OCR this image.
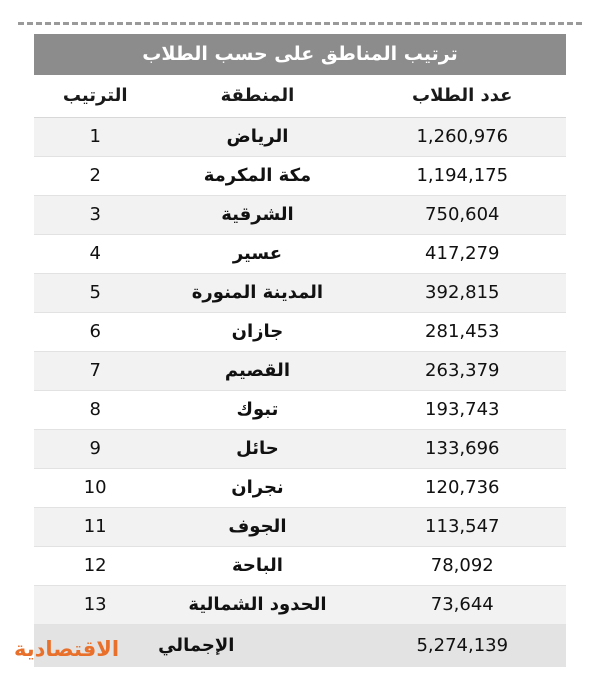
ترتيب المناطق على حسب الطلاب
عدد الطلاب	المنطقة	الترتيب
1,260,976	الرياض	1
1,194,175	مكة المكرمة	2
750,604	الشرقية	3
417,279	عسير	4
392,815	المدينة المنورة	5
281,453	جازان	6
263,379	القصيم	7
193,743	تبوك	8
133,696	حائل	9
120,736	نجران	10
113,547	الجوف	11
78,092	الباحة	12
73,644	الحدود الشمالية	13
5,274,139	الإجمالي	
الاقتصادية
